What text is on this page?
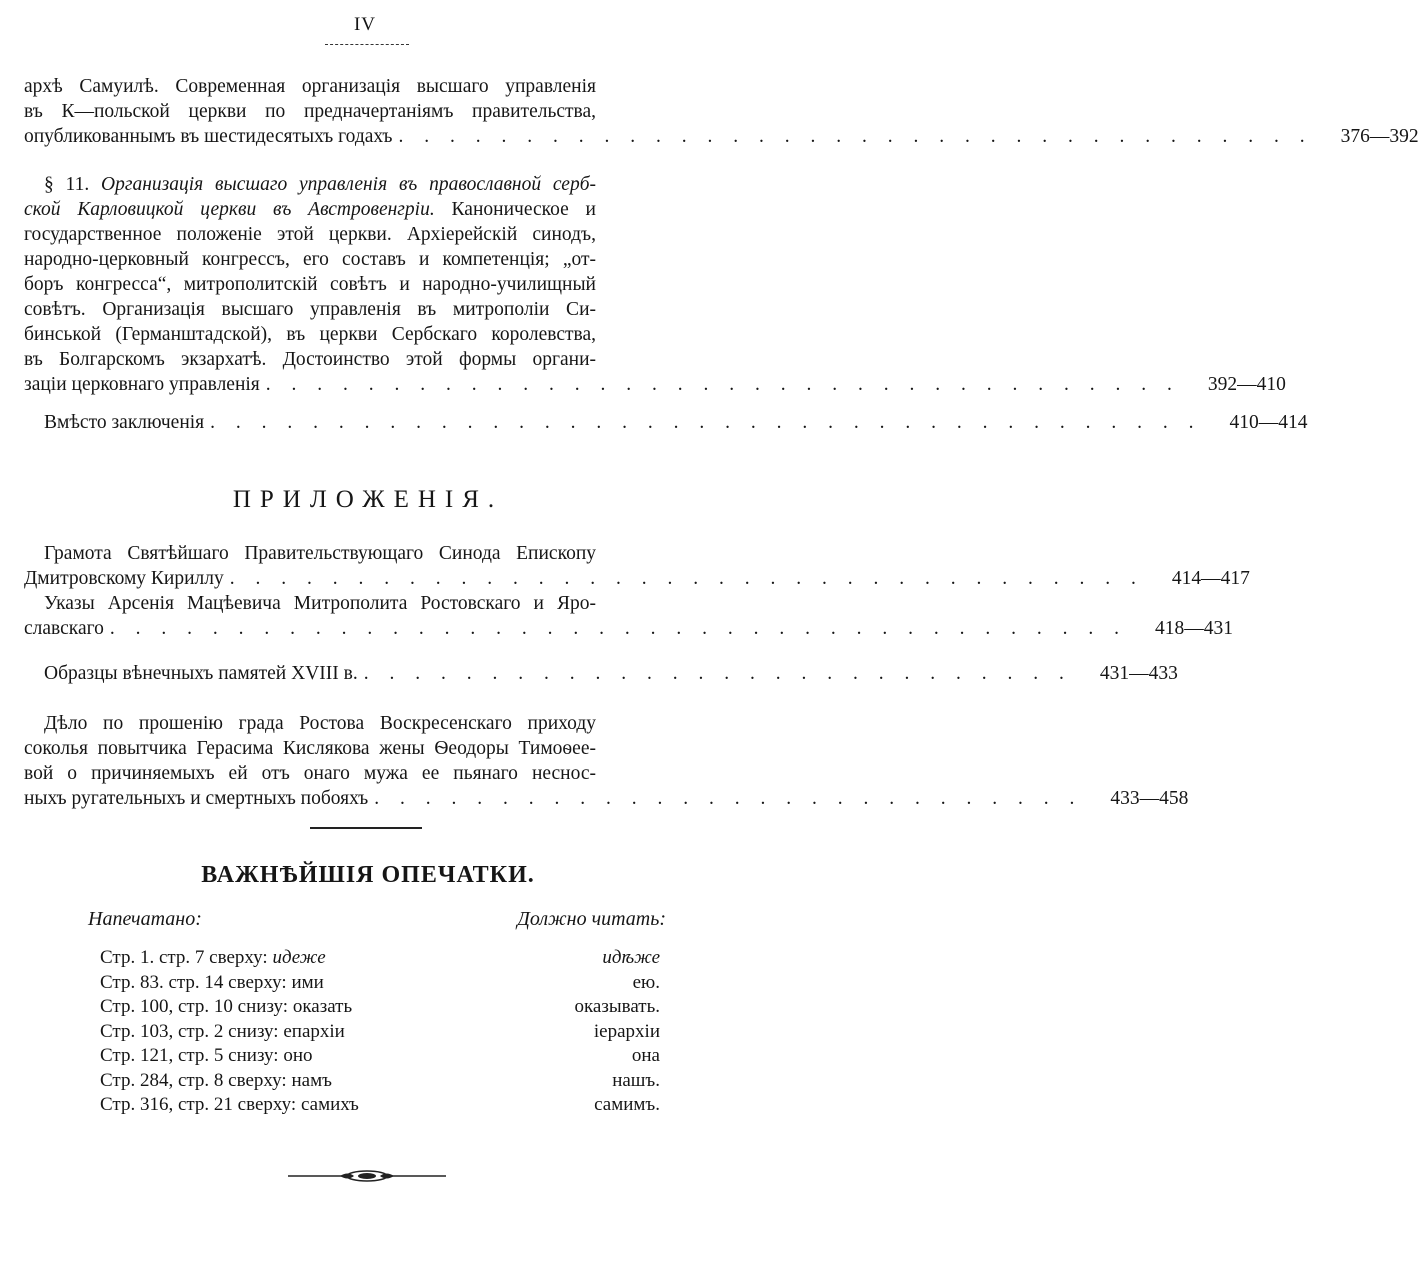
IV
архѣ Самуилѣ. Современная организація высшаго управленія
въ К—польской церкви по предначертаніямъ правительства,
опубликованнымъ въ шестидесятыхъ годахъ . . . . . . . . . . . . . . . . . . . . . . . . . . . . . . . . . . . . 376—392
§ 11. Организація высшаго управленія въ православной серб-
ской Карловицкой церкви въ Австровенгріи. Каноническое и
государственное положеніе этой церкви. Архіерейскій синодъ,
народно-церковный конгрессъ, его составъ и компетенція; „от-
боръ конгресса“, митрополитскій совѣтъ и народно-училищный
совѣтъ. Организація высшаго управленія въ митрополіи Си-
бинськой (Германштадской), въ церкви Сербскаго королевства,
въ Болгарскомъ экзархатѣ. Достоинство этой формы органи-
заціи церковнаго управленія . . . . . . . . . . . . . . . . . . . . . . . . . . . . . . . . . . . . 392—410
Вмѣсто заключенія . . . . . . . . . . . . . . . . . . . . . . . . . . . . . . . . . . . . . . . 410—414
ПРИЛОЖЕНІЯ.
Грамота Святѣйшаго Правительствующаго Синода Епископу
Дмитровскому Кириллу . . . . . . . . . . . . . . . . . . . . . . . . . . . . . . . . . . . . 414—417
Указы Арсенія Мацѣевича Митрополита Ростовскаго и Яро-
славскаго . . . . . . . . . . . . . . . . . . . . . . . . . . . . . . . . . . . . . . . . 418—431
Образцы вѣнечныхъ памятей XVIII в. . . . . . . . . . . . . . . . . . . . . . . . . . . . . 431—433
Дѣло по прошенію града Ростова Воскресенскаго приходу
соколья повытчика Герасима Кислякова жены Ѳеодоры Тимоѳеe-
вой о причиняемыхъ ей отъ онаго мужа ее пьянаго неснос-
ныхъ ругательныхъ и смертныхъ побояхъ . . . . . . . . . . . . . . . . . . . . . . . . . . . . 433—458
ВАЖНѢЙШІЯ ОПЕЧАТКИ.
Напечатано:	Должно читать:
Стр. 1. стр. 7 сверху: идеже	идѣже
Стр. 83. стр. 14 сверху: ими	ею.
Стр. 100, стр. 10 снизу: оказать	оказывать.
Стр. 103, стр. 2 снизу: епархіи	іерархіи
Стр. 121, стр. 5 снизу: оно	она
Стр. 284, стр. 8 сверху: намъ	нашъ.
Стр. 316, стр. 21 сверху: самихъ	самимъ.
